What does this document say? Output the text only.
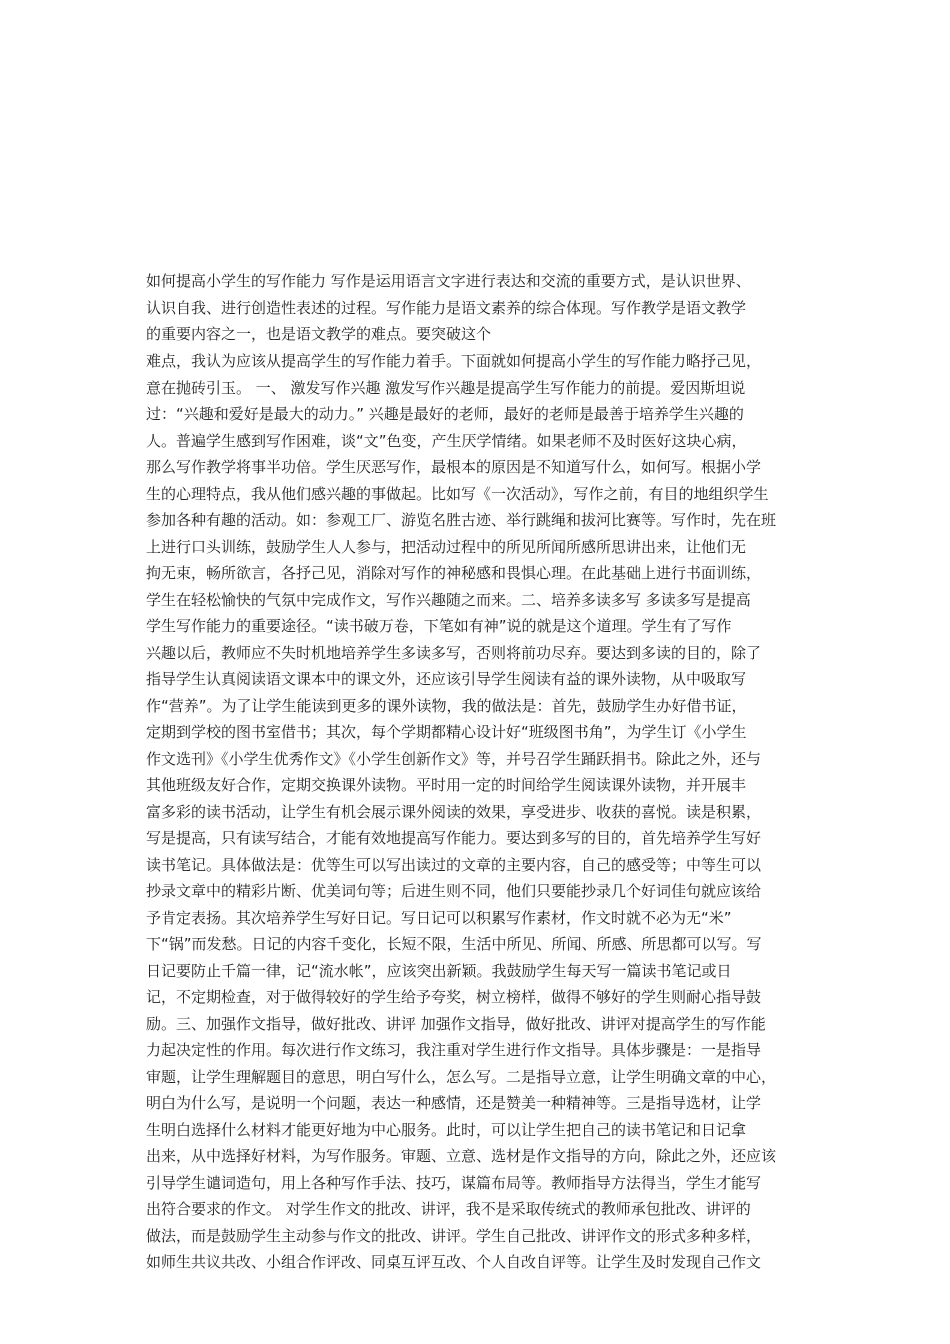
如何提高小学生的写作能力 写作是运用语言文字进行表达和交流的重要方式，是认识世界、
认识自我、进行创造性表述的过程。写作能力是语文素养的综合体现。写作教学是语文教学
的重要内容之一，也是语文教学的难点。要突破这个
难点，我认为应该从提高学生的写作能力着手。下面就如何提高小学生的写作能力略抒己见，
意在抛砖引玉。 一、 激发写作兴趣 激发写作兴趣是提高学生写作能力的前提。爱因斯坦说
过：“兴趣和爱好是最大的动力。” 兴趣是最好的老师，最好的老师是最善于培养学生兴趣的
人。普遍学生感到写作困难，谈“文”色变，产生厌学情绪。如果老师不及时医好这块心病，
那么写作教学将事半功倍。学生厌恶写作，最根本的原因是不知道写什么，如何写。根据小学
生的心理特点，我从他们感兴趣的事做起。比如写《一次活动》，写作之前，有目的地组织学生
参加各种有趣的活动。如：参观工厂、游览名胜古迹、举行跳绳和拔河比赛等。写作时，先在班
上进行口头训练，鼓励学生人人参与，把活动过程中的所见所闻所感所思讲出来，让他们无
拘无束，畅所欲言，各抒己见，消除对写作的神秘感和畏惧心理。在此基础上进行书面训练，
学生在轻松愉快的气氛中完成作文，写作兴趣随之而来。二、培养多读多写 多读多写是提高
学生写作能力的重要途径。“读书破万卷，下笔如有神”说的就是这个道理。学生有了写作
兴趣以后，教师应不失时机地培养学生多读多写，否则将前功尽弃。要达到多读的目的，除了
指导学生认真阅读语文课本中的课文外，还应该引导学生阅读有益的课外读物，从中吸取写
作“营养”。为了让学生能读到更多的课外读物，我的做法是：首先，鼓励学生办好借书证，
定期到学校的图书室借书；其次，每个学期都精心设计好“班级图书角”，为学生订《小学生
作文选刊》《小学生优秀作文》《小学生创新作文》等，并号召学生踊跃捐书。除此之外，还与
其他班级友好合作，定期交换课外读物。平时用一定的时间给学生阅读课外读物，并开展丰
富多彩的读书活动，让学生有机会展示课外阅读的效果，享受进步、收获的喜悦。读是积累，
写是提高，只有读写结合，才能有效地提高写作能力。要达到多写的目的，首先培养学生写好
读书笔记。具体做法是：优等生可以写出读过的文章的主要内容，自己的感受等；中等生可以
抄录文章中的精彩片断、优美词句等；后进生则不同，他们只要能抄录几个好词佳句就应该给
予肯定表扬。其次培养学生写好日记。写日记可以积累写作素材，作文时就不必为无“米”
下“锅”而发愁。日记的内容千变化，长短不限，生活中所见、所闻、所感、所思都可以写。写
日记要防止千篇一律，记“流水帐”，应该突出新颖。我鼓励学生每天写一篇读书笔记或日
记，不定期检查，对于做得较好的学生给予夸奖，树立榜样，做得不够好的学生则耐心指导鼓
励。三、加强作文指导，做好批改、讲评 加强作文指导，做好批改、讲评对提高学生的写作能
力起决定性的作用。每次进行作文练习，我注重对学生进行作文指导。具体步骤是：一是指导
审题，让学生理解题目的意思，明白写什么，怎么写。二是指导立意，让学生明确文章的中心，
明白为什么写，是说明一个问题，表达一种感情，还是赞美一种精神等。三是指导选材，让学
生明白选择什么材料才能更好地为中心服务。此时，可以让学生把自己的读书笔记和日记拿
出来，从中选择好材料，为写作服务。审题、立意、选材是作文指导的方向，除此之外，还应该
引导学生谴词造句，用上各种写作手法、技巧，谋篇布局等。教师指导方法得当，学生才能写
出符合要求的作文。 对学生作文的批改、讲评，我不是采取传统式的教师承包批改、讲评的
做法，而是鼓励学生主动参与作文的批改、讲评。学生自己批改、讲评作文的形式多种多样，
如师生共议共改、小组合作评改、同桌互评互改、个人自改自评等。让学生及时发现自己作文
